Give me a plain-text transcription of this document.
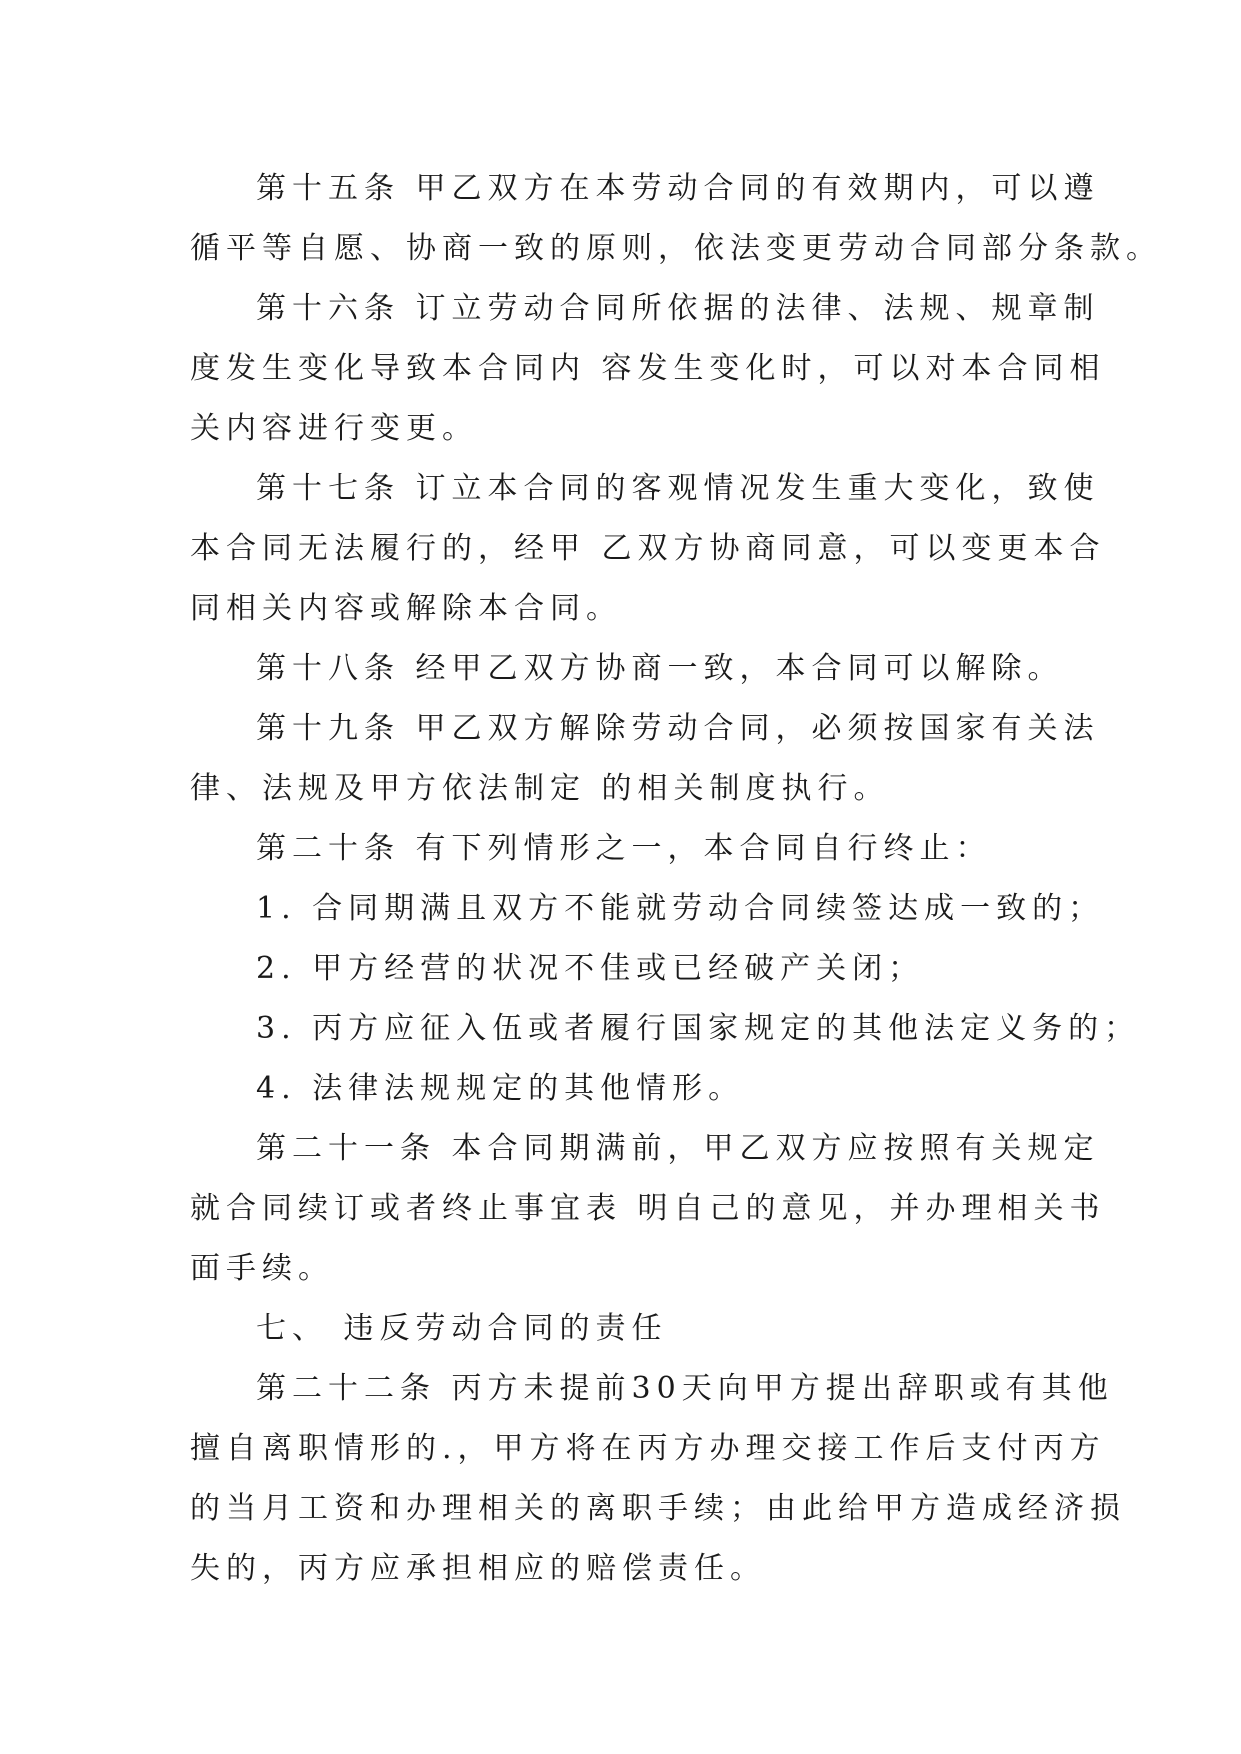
第十五条 甲乙双方在本劳动合同的有效期内，可以遵
循平等自愿、协商一致的原则，依法变更劳动合同部分条款。
第十六条 订立劳动合同所依据的法律、法规、规章制
度发生变化导致本合同内 容发生变化时，可以对本合同相
关内容进行变更。
第十七条 订立本合同的客观情况发生重大变化，致使
本合同无法履行的，经甲 乙双方协商同意，可以变更本合
同相关内容或解除本合同。
第十八条 经甲乙双方协商一致，本合同可以解除。
第十九条 甲乙双方解除劳动合同，必须按国家有关法
律、法规及甲方依法制定 的相关制度执行。
第二十条 有下列情形之一，本合同自行终止：
1. 合同期满且双方不能就劳动合同续签达成一致的；
2. 甲方经营的状况不佳或已经破产关闭；
3. 丙方应征入伍或者履行国家规定的其他法定义务的；
4. 法律法规规定的其他情形。
第二十一条 本合同期满前，甲乙双方应按照有关规定
就合同续订或者终止事宜表 明自己的意见，并办理相关书
面手续。
七、 违反劳动合同的责任
第二十二条 丙方未提前30天向甲方提出辞职或有其他
擅自离职情形的.，甲方将在丙方办理交接工作后支付丙方
的当月工资和办理相关的离职手续；由此给甲方造成经济损
失的，丙方应承担相应的赔偿责任。
